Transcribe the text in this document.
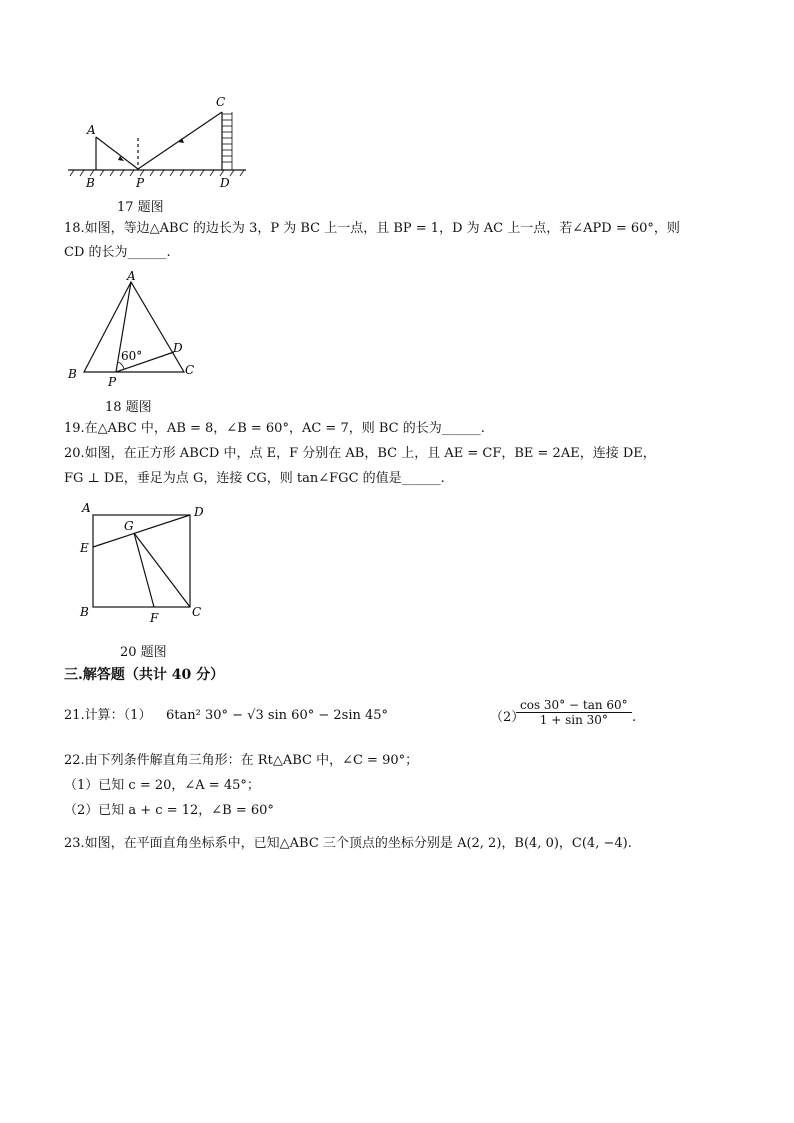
A
B	P
C
D
17 题图
18.如图，等边△ABC 的边长为 3，P 为 BC 上一点，且 BP = 1，D 为 AC 上一点，若∠APD = 60°，则
CD 的长为______.
A
B	C
D
P
60°
18 题图
19.在△ABC 中，AB = 8，∠B = 60°，AC = 7，则 BC 的长为______.
20.如图，在正方形 ABCD 中，点 E，F 分别在 AB，BC 上，且 AE = CF，BE = 2AE，连接 DE，
FG ⊥ DE，垂足为点 G，连接 CG，则 tan∠FGC 的值是______.
A	D
E
G
B	C
F
20 题图
三.解答题（共计 40 分）
21.计算：（1） 6tan² 30° − √3 sin 60° − 2sin 45°	（2）
$\frac{\cos 30^\circ - \tan 60^\circ}{1 + \sin 30^\circ}$ .
22.由下列条件解直角三角形：在 Rt△ABC 中，∠C = 90°；
（1）已知 c = 20，∠A = 45°；
（2）已知 a + c = 12，∠B = 60°
23.如图，在平面直角坐标系中，已知△ABC 三个顶点的坐标分别是 A(2, 2)，B(4, 0)，C(4, −4).
